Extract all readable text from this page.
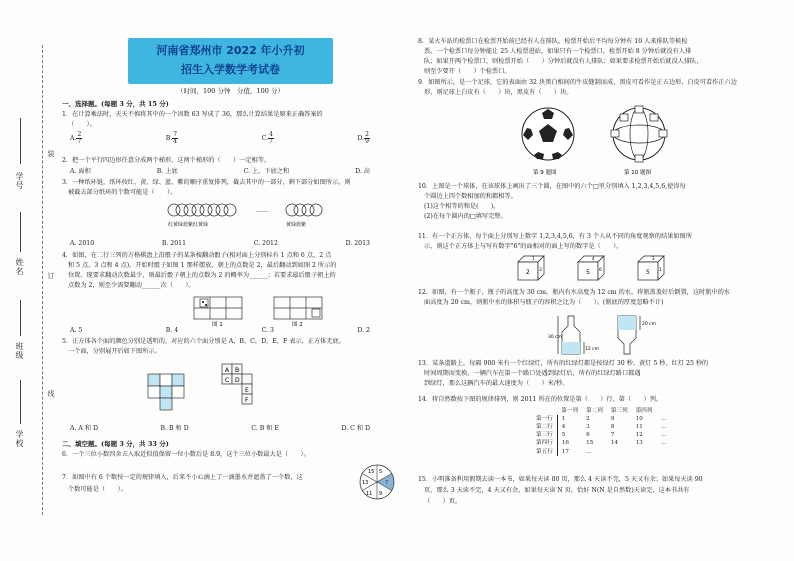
学号
姓名
班级
学校
装
订
线
河南省郑州市 2022 年小升初
招生入学数学考试卷
（时间，100 分钟　分值，100 分）
一、选择题。(每题 3 分，共 15 分)
1．在计算乘法时，天天不慎将其中的一个因数 63 写成了 36，那么计算结果是原来正确答案的
（　　）。
A. $\frac{2}{7}$	B. $\frac{7}{4}$	C. $\frac{4}{7}$	D. $\frac{2}{9}$
2．把一个平行四边形任意分成两个梯形，这两个梯形的（　　）一定相等。
A. 面积	B. 上底	C. 上、下底之和	D. 高
3．一种纸环链，纸环按红、黄、绿、蓝、紫的顺序重复排列，截去其中的一部分，剩下部分如图所示，则
被截去部分纸环的个数可能是（　　）。
……
红黄绿蓝紫红黄绿	黄绿蓝紫
A. 2010	B. 2011	C. 2012	D. 2013
4．如图，在二行三列的方格棋盘上沿骰子的某条棱翻动骰子(相对面上分别标有 1 点和 6 点，2 点
和 5 点，3 点和 4 点)，开始时骰子如图 1 那样摆放，朝上的点数是 2，最后翻动到如图 2 所示的
位置。现要求翻动次数最少，则最后骰子朝上的点数为 2 的概率为______；若要求最后骰子朝上的
点数为 2，则至少需要翻动______次（　　）。
图 1	图 2
A. 5	B. 4	C. 3	D. 2
5．正方体各个面的颜色分别是透明的，对应的六个面分别是 A，B，C，D，E，F 表示，正方体无底，
一个面，分别展开后如下图所示。
A B
C D
E
F
A. A 和 D	B. B 和 D	C. B 和 E	D. C 和 D
二、填空题。(每题 3 分，共 33 分)
6．一个三位小数四舍五入取近似值保留一位小数后是 8.9，这个三位小数最大是（　　）。
7．如图中有 6 个数按一定的规律填入，后来不小心滴上了一滴墨水并遮盖了一个数，这
个数可能是（　　）。
5
9
11
13
15
8．某火车站的检票口在检票开始前已经有人在排队，检票开始后平均每分钟有 10 人来排队等候检
票，一个检票口每分钟能让 25 人检票进站，如果只有一个检票口，检票开始 8 分钟后就没有人排
队；如果开两个检票口，则检票开始（　　）分钟后就没有人排队；如果要求检票开始后就没人排队，
则至少要开（　　）个检票口。
9．如图所示，是一个足球，它的表面由 32 块黑白相间的牛皮缝制而成，黑皮可看作是正五边形，白皮可看作正六边
形，则足球上白皮有（　　）块，黑皮有（　　）块。
第 9 题图	第 10 题图
10．上图是一个球体，在该球体上画出了三个圆，在图中的六个□里分别填入 1,2,3,4,5,6,使得每
个圆边上四个数相加的和都相等。
(1)这个相等的和是(　　)。
(2)在每个圆内的□填写完整。
11．有一个正方体，每个面上分别写上数字 1,2,3,4,5,6，有 3 个人从不同的角度观察的结果如图所
示，则这个正方体上与写有数字"6"的面相对的面上写的数字是（　　）。
1
2 3
4
5 6
3
5 1
12．如图，有一个瓶子，瓶子的高度为 30 cm，瓶内有水高度为 12 cm 的水，将瓶盖盖好后倒置，这时瓶中的水
面高度为 20 cm，则瓶中水的体积与瓶子的容积之比为（　　）。(瓶底的厚度忽略不计)
30 cm
12 cm
20 cm
13．某条道路上，每隔 900 米有一个红绿灯，所有的红绿灯都是按绿灯 30 秒、黄灯 5 秒、红灯 25 秒的
时间周期而变换，一辆汽车在第一个路口处遇到绿灯后，所有的红绿灯路口都遇
到绿灯，那么这辆汽车的最大速度为（　　）米/秒。
14．将自然数按下图的规律排列，则 2011 所在的位置是第（　　）行、第（　　）列。
	第一列	第二列	第三列	第四列	
第一行	1	2	9	10	…
第二行	4	3	8	11	…
第三行	5	6	7	12	…
第四行	16	15	14	13	…
第五行	17	…			
15．小明准备利用假期去读一本书，如果每天读 80 页，那么 4 天读不完，5 天又有余；如果每天读 90
页，那么 3 天读不完，4 天又有余，如果每天读 N 页，恰好 N(N 是自然数)天读完，这本书共有
（　　）页。
